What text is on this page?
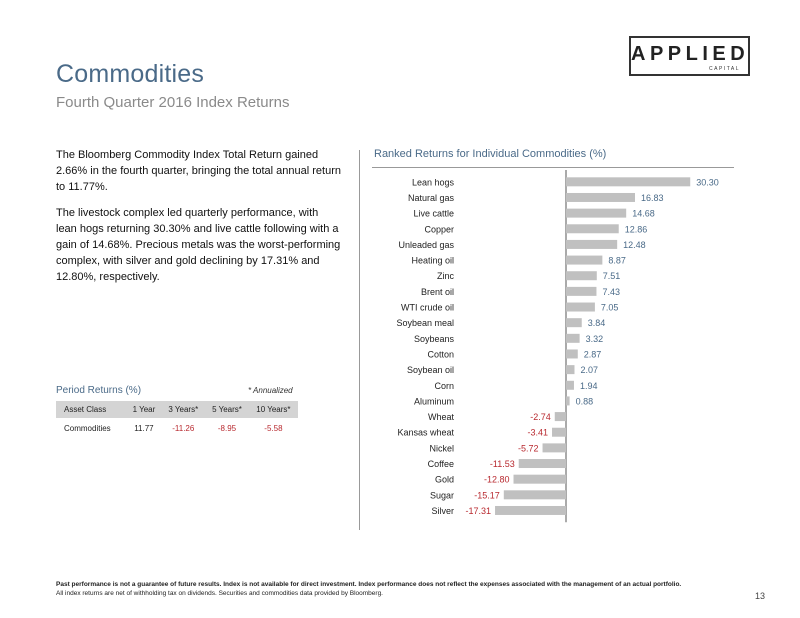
Commodities
Fourth Quarter 2016 Index Returns
APPLIED
CAPITAL

The Bloomberg Commodity Index Total Return gained 2.66% in the fourth quarter, bringing the total annual return to 11.77%.

The livestock complex led quarterly performance, with lean hogs returning 30.30% and live cattle following with a gain of 14.68%. Precious metals was the worst-performing complex, with silver and gold declining by 17.31% and 12.80%, respectively.

Period Returns (%)	* Annualized
Asset Class	1 Year	3 Years*	5 Years*	10 Years*
Commodities	11.77	-11.26	-8.95	-5.58
Ranked Returns for Individual Commodities (%)
Lean hogs	30.30
Natural gas	16.83
Live cattle	14.68
Copper	12.86
Unleaded gas	12.48
Heating oil	8.87
Zinc	7.51
Brent oil	7.43
WTI crude oil	7.05
Soybean meal	3.84
Soybeans	3.32
Cotton	2.87
Soybean oil	2.07
Corn	1.94
Aluminum	0.88
Wheat	-2.74
Kansas wheat	-3.41
Nickel	-5.72
Coffee	-11.53
Gold	-12.80
Sugar -15.17
Silver -17.31
Past performance is not a guarantee of future results. Index is not available for direct investment. Index performance does not reflect the expenses associated with the management of an actual portfolio.
All index returns are net of withholding tax on dividends. Securities and commodities data provided by Bloomberg.	13
